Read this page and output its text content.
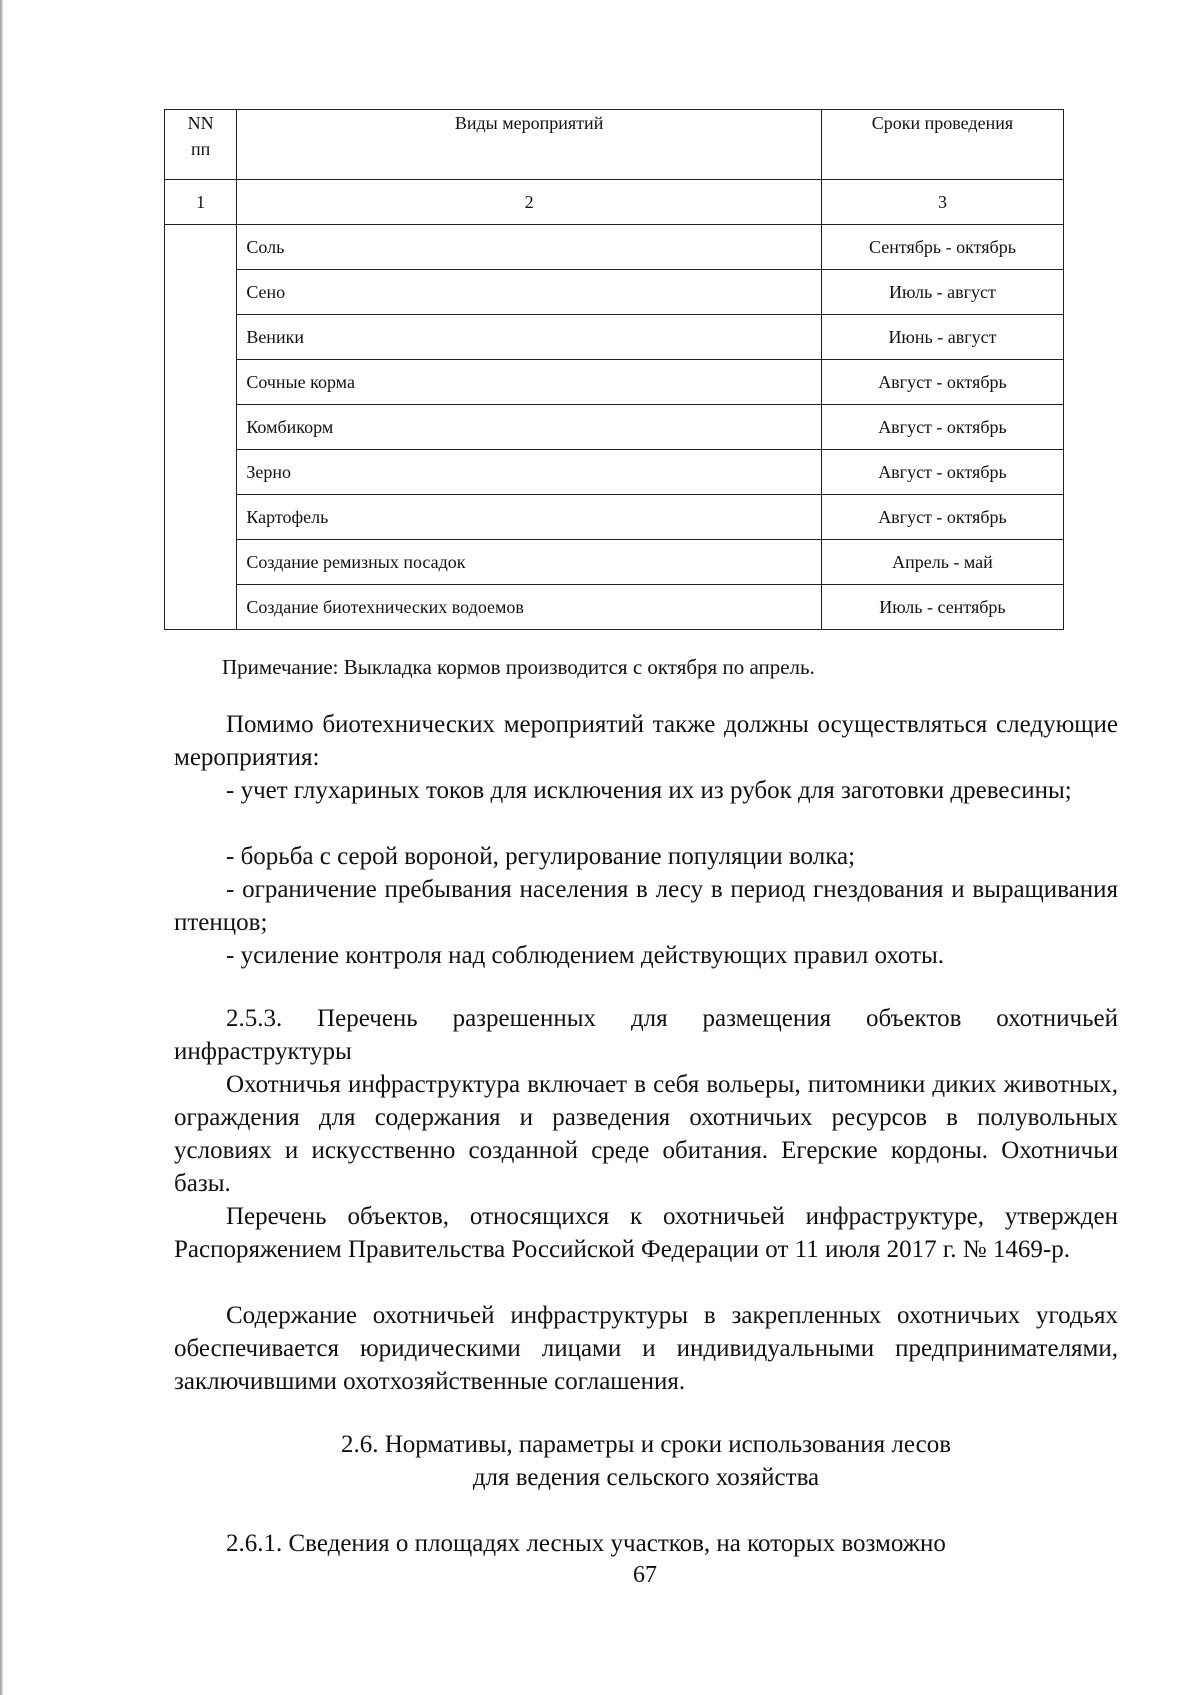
NN
пп	Виды мероприятий	Сроки проведения
1	2	3
	Соль	Сентябрь - октябрь
	Сено	Июль - август
	Веники	Июнь - август
	Сочные корма	Август - октябрь
	Комбикорм	Август - октябрь
	Зерно	Август - октябрь
	Картофель	Август - октябрь
	Создание ремизных посадок	Апрель - май
	Создание биотехнических водоемов	Июль - сентябрь
Примечание: Выкладка кормов производится с октября по апрель.
Помимо биотехнических мероприятий также должны осуществляться следующие мероприятия:
- учет глухариных токов для исключения их из рубок для заготовки древесины;
- борьба с серой вороной, регулирование популяции волка;
- ограничение пребывания населения в лесу в период гнездования и выращивания птенцов;
- усиление контроля над соблюдением действующих правил охоты.
2.5.3. Перечень разрешенных для размещения объектов охотничьей инфраструктуры
Охотничья инфраструктура включает в себя вольеры, питомники диких животных, ограждения для содержания и разведения охотничьих ресурсов в полувольных условиях и искусственно созданной среде обитания. Егерские кордоны. Охотничьи базы.
Перечень объектов, относящихся к охотничьей инфраструктуре, утвержден Распоряжением Правительства Российской Федерации от 11 июля 2017 г. № 1469-р.
Содержание охотничьей инфраструктуры в закрепленных охотничьих угодьях обеспечивается юридическими лицами и индивидуальными предпринимателями, заключившими охотхозяйственные соглашения.
2.6. Нормативы, параметры и сроки использования лесов
для ведения сельского хозяйства
2.6.1. Сведения о площадях лесных участков, на которых возможно
67
